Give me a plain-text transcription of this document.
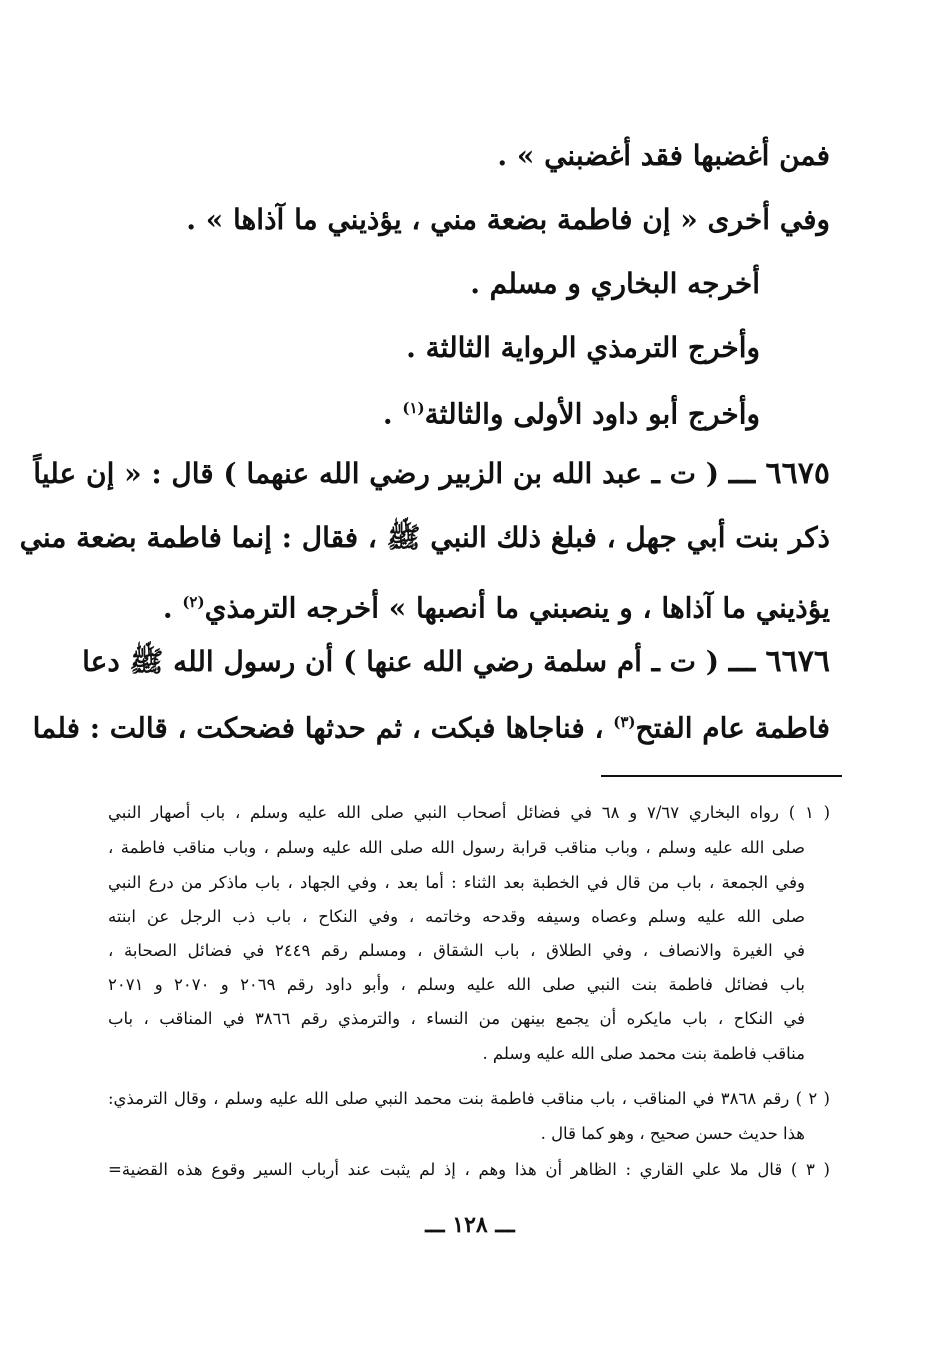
فمن أغضبها فقد أغضبني » .
وفي أخرى « إن فاطمة بضعة مني ، يؤذيني ما آذاها » .
أخرجه البخاري و مسلم .
وأخرج الترمذي الرواية الثالثة .
وأخرج أبو داود الأولى والثالثة$^{(١)}$ .
٦٦٧٥ ـــ ( ت ـ عبد الله بن الزبير رضي الله عنهما ) قال : « إن علياً
ذكر بنت أبي جهل ، فبلغ ذلك النبي ﷺ ، فقال : إنما فاطمة بضعة مني
يؤذيني ما آذاها ، و ينصبني ما أنصبها » أخرجه الترمذي$^{(٢)}$ .
٦٦٧٦ ـــ ( ت ـ أم سلمة رضي الله عنها ) أن رسول الله ﷺ دعا
فاطمة عام الفتح$^{(٣)}$ ، فناجاها فبكت ، ثم حدثها فضحكت ، قالت : فلما
( ١ ) رواه البخاري ٧/٦٧ و ٦٨ في فضائل أصحاب النبي صلى الله عليه وسلم ، باب أصهار النبي
صلى الله عليه وسلم ، وباب مناقب قرابة رسول الله صلى الله عليه وسلم ، وباب مناقب فاطمة ،
وفي الجمعة ، باب من قال في الخطبة بعد الثناء : أما بعد ، وفي الجهاد ، باب ماذكر من درع النبي
صلى الله عليه وسلم وعصاه وسيفه وقدحه وخاتمه ، وفي النكاح ، باب ذب الرجل عن ابنته
في الغيرة والانصاف ، وفي الطلاق ، باب الشقاق ، ومسلم رقم ٢٤٤٩ في فضائل الصحابة ،
باب فضائل فاطمة بنت النبي صلى الله عليه وسلم ، وأبو داود رقم ٢٠٦٩ و ٢٠٧٠ و ٢٠٧١
في النكاح ، باب مايكره أن يجمع بينهن من النساء ، والترمذي رقم ٣٨٦٦ في المناقب ، باب
مناقب فاطمة بنت محمد صلى الله عليه وسلم .
( ٢ ) رقم ٣٨٦٨ في المناقب ، باب مناقب فاطمة بنت محمد النبي صلى الله عليه وسلم ، وقال الترمذي:
هذا حديث حسن صحيح ، وهو كما قال .
( ٣ ) قال ملا علي القاري : الظاهر أن هذا وهم ، إذ لم يثبت عند أرباب السير وقوع هذه القضية=
ـــ ١٢٨ ـــ
